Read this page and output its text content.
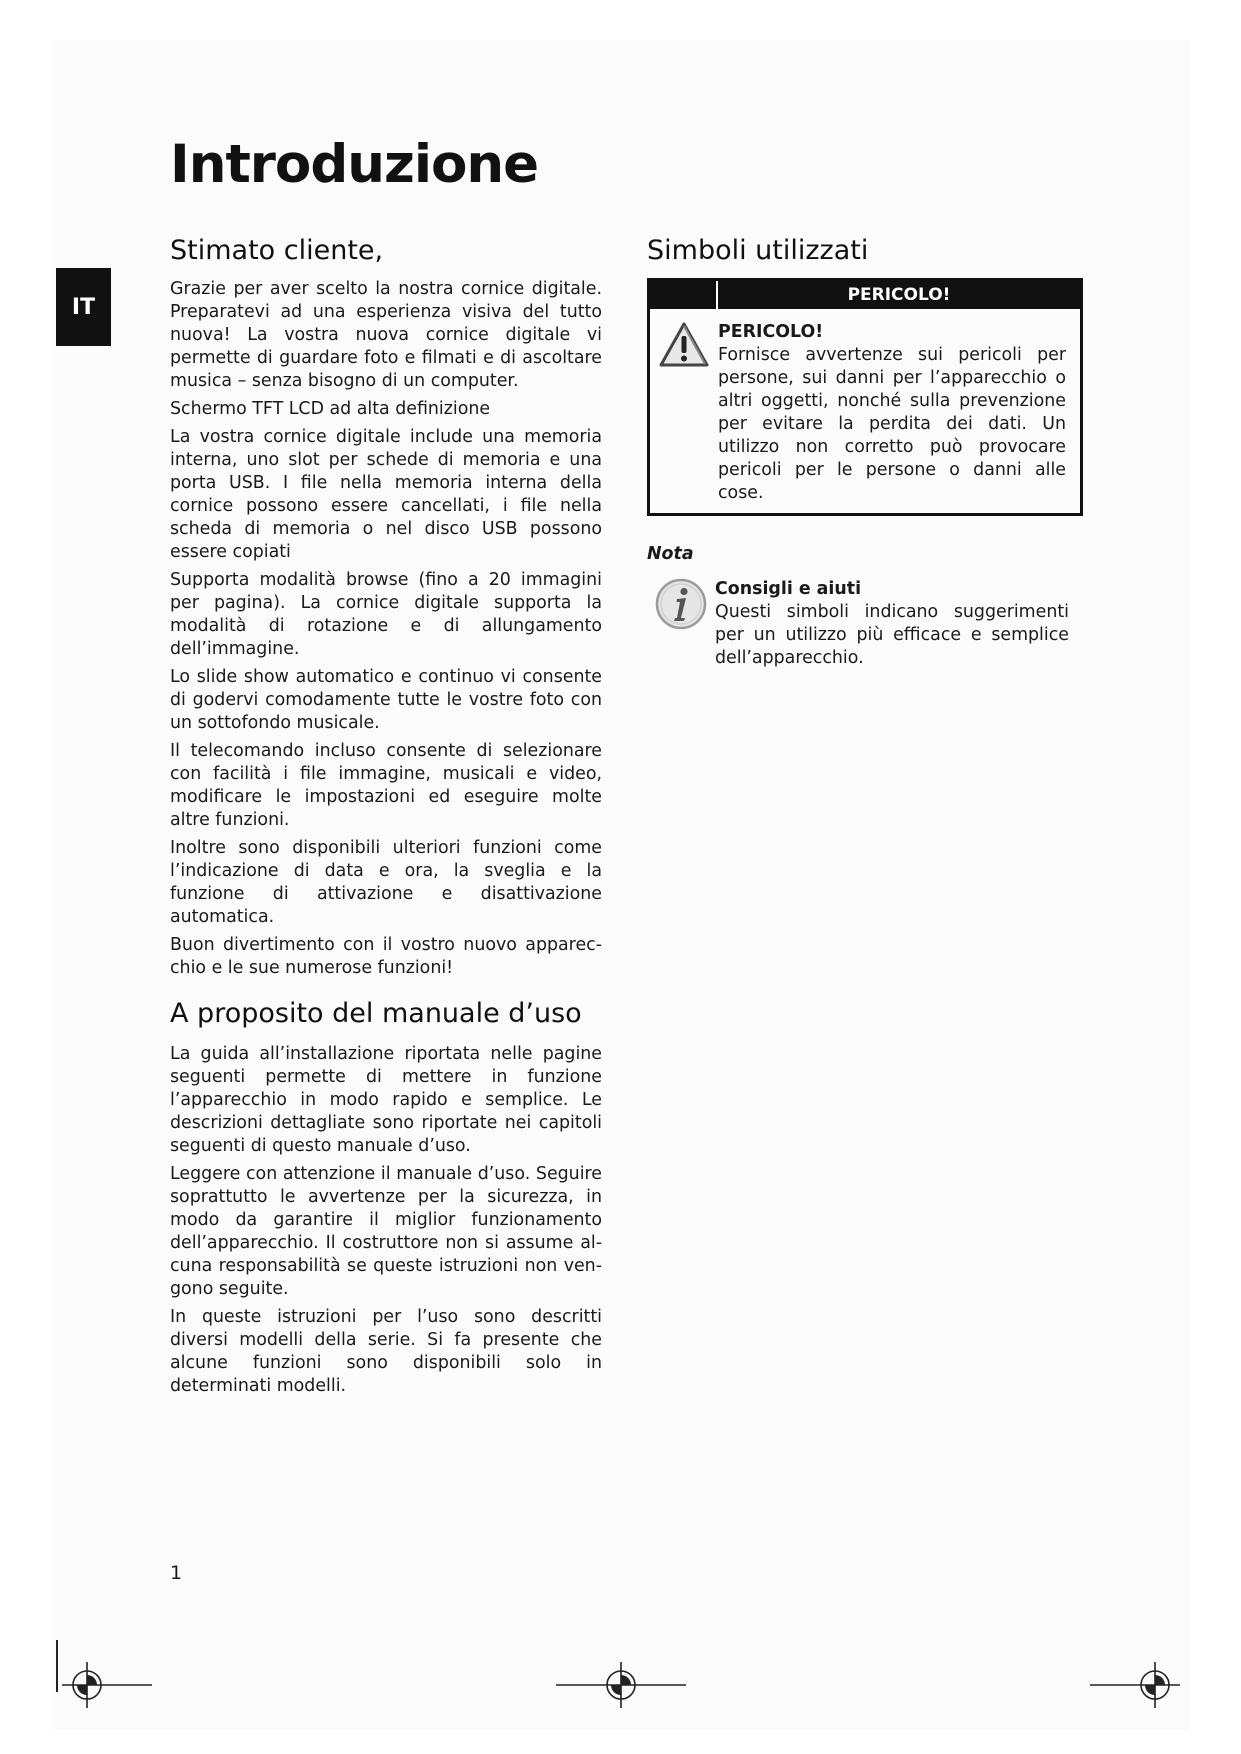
IT
Introduzione
Stimato cliente,

Grazie per aver scelto la nostra cornice digitale. Preparatevi ad una esperienza visiva del tutto nuova! La vostra nuova cornice digitale vi permette di guardare foto e filmati e di ascoltare musica – senza bisogno di un computer.

Schermo TFT LCD ad alta definizione

La vostra cornice digitale include una memoria interna, uno slot per schede di memoria e una porta USB. I file nella memoria interna della cornice possono essere cancellati, i file nella scheda di memoria o nel disco USB possono essere copiati

Supporta modalità browse (fino a 20 immagini per pagina). La cornice digitale supporta la modalità di rotazione e di allungamento dell’immagine.

Lo slide show automatico e continuo vi consente di godervi comodamente tutte le vostre foto con un sottofondo musicale.

Il telecomando incluso consente di selezionare con facilità i file immagine, musicali e video, modificare le impostazioni ed eseguire molte altre funzioni.

Inoltre sono disponibili ulteriori funzioni come l’indicazione di data e ora, la sveglia e la funzione di attivazione e disattivazione automatica.

Buon divertimento con il vostro nuovo apparecchio e le sue numerose funzioni!

A proposito del manuale d’uso

La guida all’installazione riportata nelle pagine seguenti permette di mettere in funzione l’apparecchio in modo rapido e semplice. Le descrizioni dettagliate sono riportate nei capitoli seguenti di questo manuale d’uso.

Leggere con attenzione il manuale d’uso. Seguire soprattutto le avvertenze per la sicurezza, in modo da garantire il miglior funzionamento dell’apparecchio. Il costruttore non si assume alcuna responsabilità se queste istruzioni non vengono seguite.

In queste istruzioni per l’uso sono descritti diversi modelli della serie. Si fa presente che alcune funzioni sono disponibili solo in determinati modelli.

Simboli utilizzati
PERICOLO!
PERICOLO!
Fornisce avvertenze sui pericoli per persone, sui danni per l’apparecchio o altri oggetti, nonché sulla prevenzione per evitare la perdita dei dati. Un utilizzo non corretto può provocare pericoli per le persone o danni alle cose.
Nota
Consigli e aiuti
Questi simboli indicano suggerimenti per un utilizzo più efficace e semplice dell’apparecchio.
1
